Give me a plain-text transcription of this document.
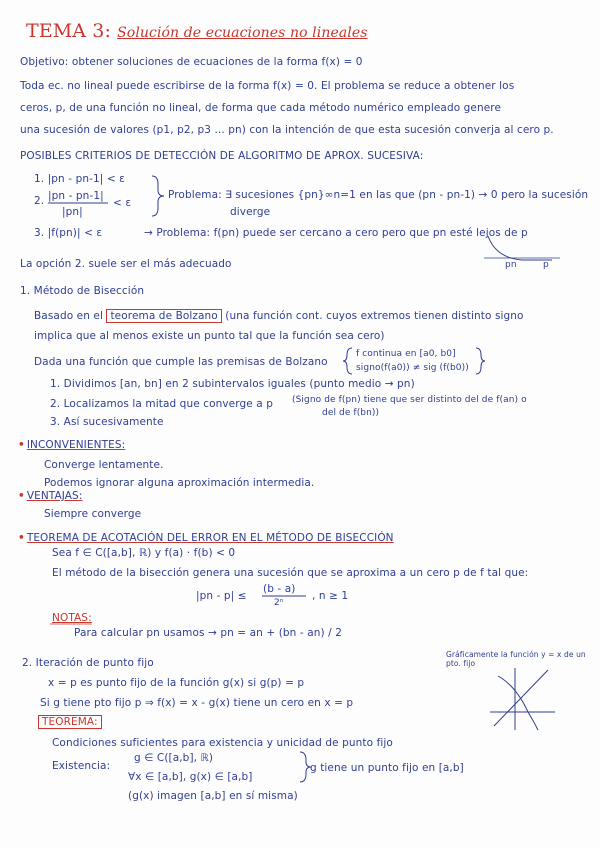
TEMA 3: Solución de ecuaciones no lineales
Objetivo: obtener soluciones de ecuaciones de la forma f(x) = 0
Toda ec. no lineal puede escribirse de la forma f(x) = 0. El problema se reduce a obtener los
ceros, p, de una función no lineal, de forma que cada método numérico empleado genere
una sucesión de valores (p1, p2, p3 ... pn) con la intención de que esta sucesión converja al cero p.
POSIBLES CRITERIOS DE DETECCIÓN DE ALGORITMO DE APROX. SUCESIVA:
1. |pn - pn-1| < ε
2. |pn - pn-1|
|pn|
< ε
Problema: ∃ sucesiones {pn}∞n=1 en las que (pn - pn-1) → 0 pero la sucesión
diverge
3. |f(pn)| < ε	→ Problema: f(pn) puede ser cercano a cero pero que pn esté lejos de p
pn	p
La opción 2. suele ser el más adecuado
1. Método de Bisección
Basado en el teorema de Bolzano (una función cont. cuyos extremos tienen distinto signo
implica que al menos existe un punto tal que la función sea cero)
Dada una función que cumple las premisas de Bolzano
f continua en [a0, b0]
signo(f(a0)) ≠ sig (f(b0))
1. Dividimos [an, bn] en 2 subintervalos iguales (punto medio → pn)
2. Localizamos la mitad que converge a p (Signo de f(pn) tiene que ser distinto del de f(an) o
del de f(bn))
3. Así sucesivamente
• INCONVENIENTES:
Converge lentamente.
Podemos ignorar alguna aproximación intermedia.
• VENTAJAS:
Siempre converge
• TEOREMA DE ACOTACIÓN DEL ERROR EN EL MÉTODO DE BISECCIÓN
Sea f ∈ C([a,b], ℝ) y f(a) · f(b) < 0
El método de la bisección genera una sucesión que se aproxima a un cero p de f tal que:
|pn - p| ≤
(b - a)
2ⁿ
, n ≥ 1
NOTAS:
Para calcular pn usamos → pn = an + (bn - an) / 2
2. Iteración de punto fijo
Gráficamente la función y = x de un pto. fijo
x = p es punto fijo de la función g(x) si g(p) = p
Si g tiene pto fijo p ⇒ f(x) = x - g(x) tiene un cero en x = p
TEOREMA:
Condiciones suficientes para existencia y unicidad de punto fijo
Existencia:
g ∈ C([a,b], ℝ)
∀x ∈ [a,b], g(x) ∈ [a,b]
g tiene un punto fijo en [a,b]
(g(x) imagen [a,b] en sí misma)
